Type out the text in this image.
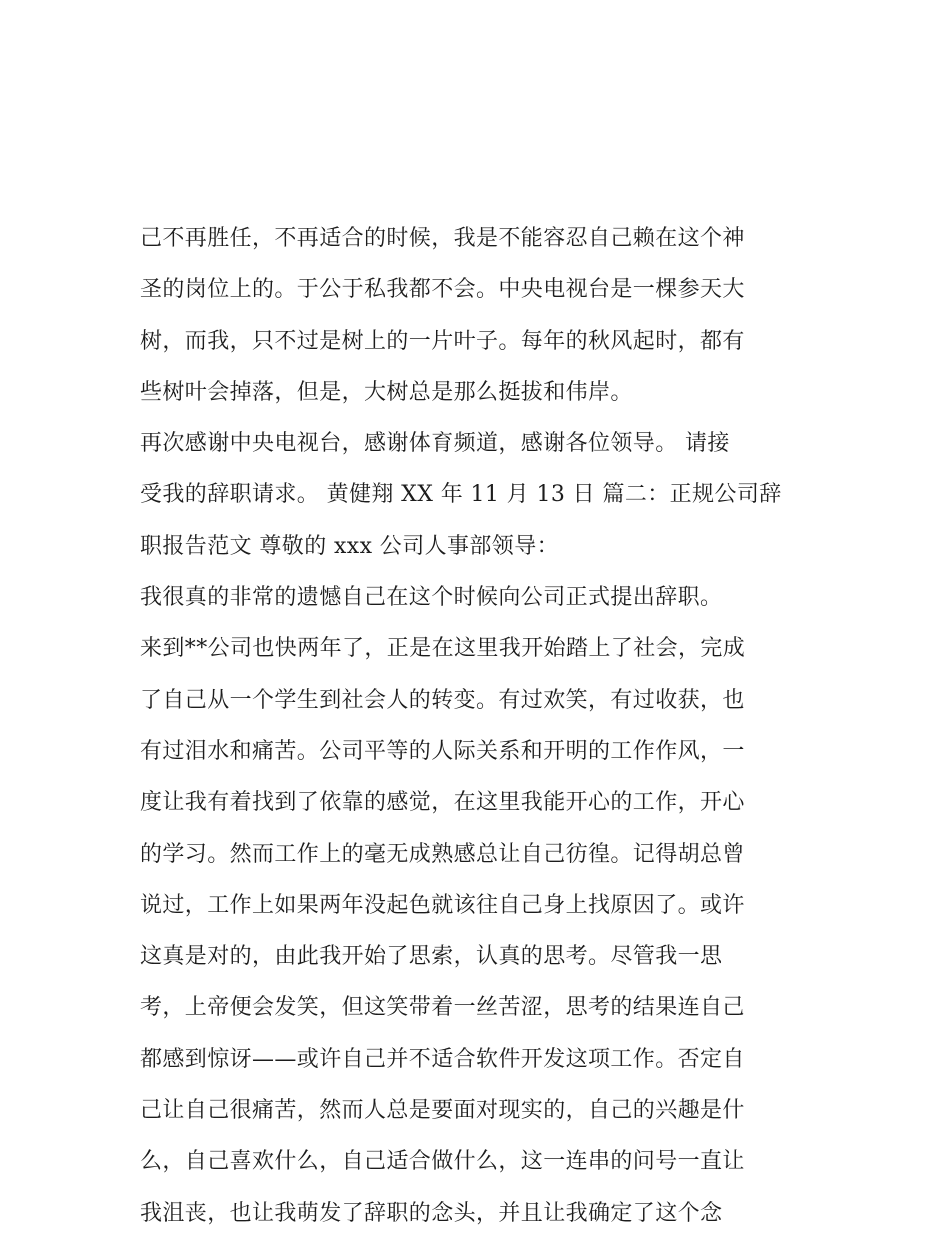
己不再胜任，不再适合的时候，我是不能容忍自己赖在这个神
圣的岗位上的。于公于私我都不会。中央电视台是一棵参天大
树，而我，只不过是树上的一片叶子。每年的秋风起时，都有
些树叶会掉落，但是，大树总是那么挺拔和伟岸。
再次感谢中央电视台，感谢体育频道，感谢各位领导。 请接
受我的辞职请求。 黄健翔 XX 年 11 月 13 日 篇二：正规公司辞
职报告范文 尊敬的 xxx 公司人事部领导：
我很真的非常的遗憾自己在这个时候向公司正式提出辞职。
来到**公司也快两年了，正是在这里我开始踏上了社会，完成
了自己从一个学生到社会人的转变。有过欢笑，有过收获，也
有过泪水和痛苦。公司平等的人际关系和开明的工作作风，一
度让我有着找到了依靠的感觉，在这里我能开心的工作，开心
的学习。然而工作上的毫无成熟感总让自己彷徨。记得胡总曾
说过，工作上如果两年没起色就该往自己身上找原因了。或许
这真是对的，由此我开始了思索，认真的思考。尽管我一思
考，上帝便会发笑，但这笑带着一丝苦涩，思考的结果连自己
都感到惊讶——或许自己并不适合软件开发这项工作。否定自
己让自己很痛苦，然而人总是要面对现实的，自己的兴趣是什
么，自己喜欢什么，自己适合做什么，这一连串的问号一直让
我沮丧，也让我萌发了辞职的念头，并且让我确定了这个念
